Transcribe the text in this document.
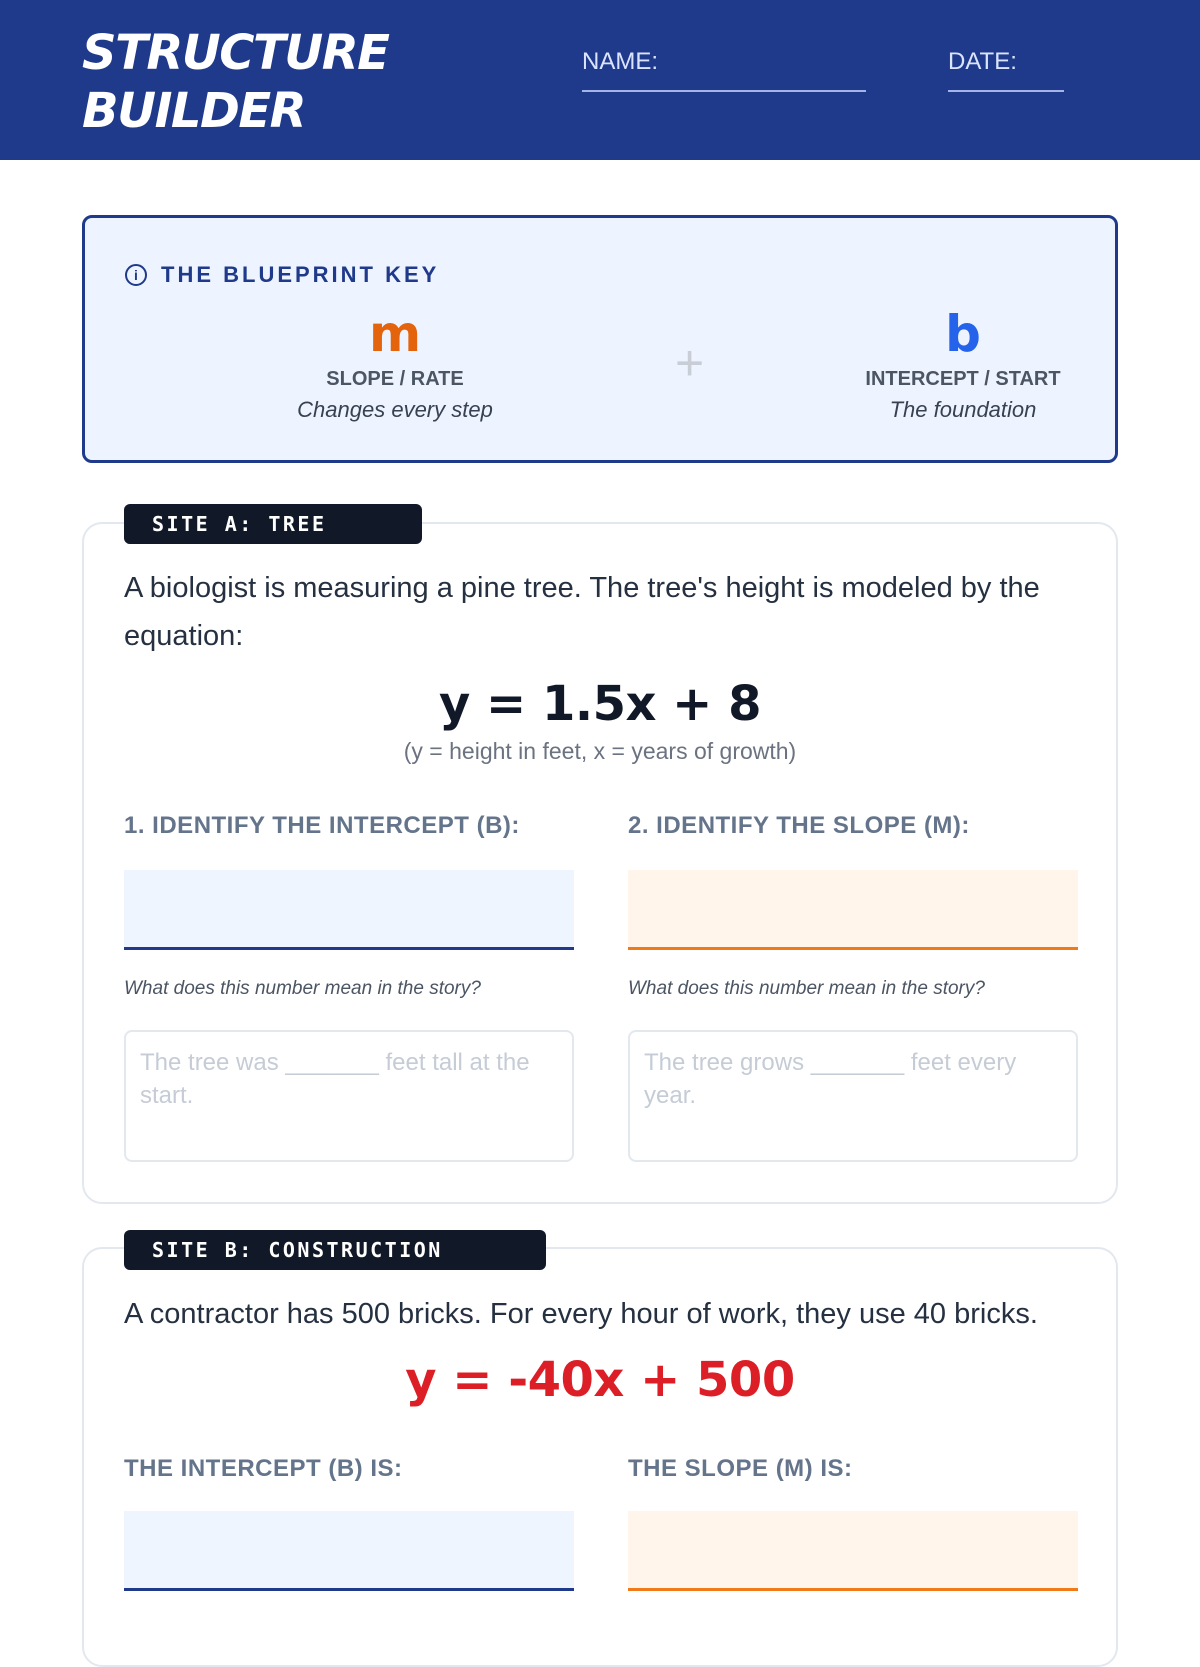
STRUCTURE
BUILDER
NAME:	DATE:
i	THE BLUEPRINT KEY
m
SLOPE / RATE
Changes every step
+	b
INTERCEPT / START
The foundation
SITE A: TREE GROWTH
A biologist is measuring a pine tree. The tree's height is modeled by the equation:
y = 1.5x + 8
(y = height in feet, x = years of growth)
1. IDENTIFY THE INTERCEPT (B):	2. IDENTIFY THE SLOPE (M):
What does this number mean in the story?	What does this number mean in the story?
The tree was _______ feet tall at the start.
The tree grows _______ feet every year.
SITE B: CONSTRUCTION PROJECT
A contractor has 500 bricks. For every hour of work, they use 40 bricks.
y = -40x + 500
THE INTERCEPT (B) IS:	THE SLOPE (M) IS:
